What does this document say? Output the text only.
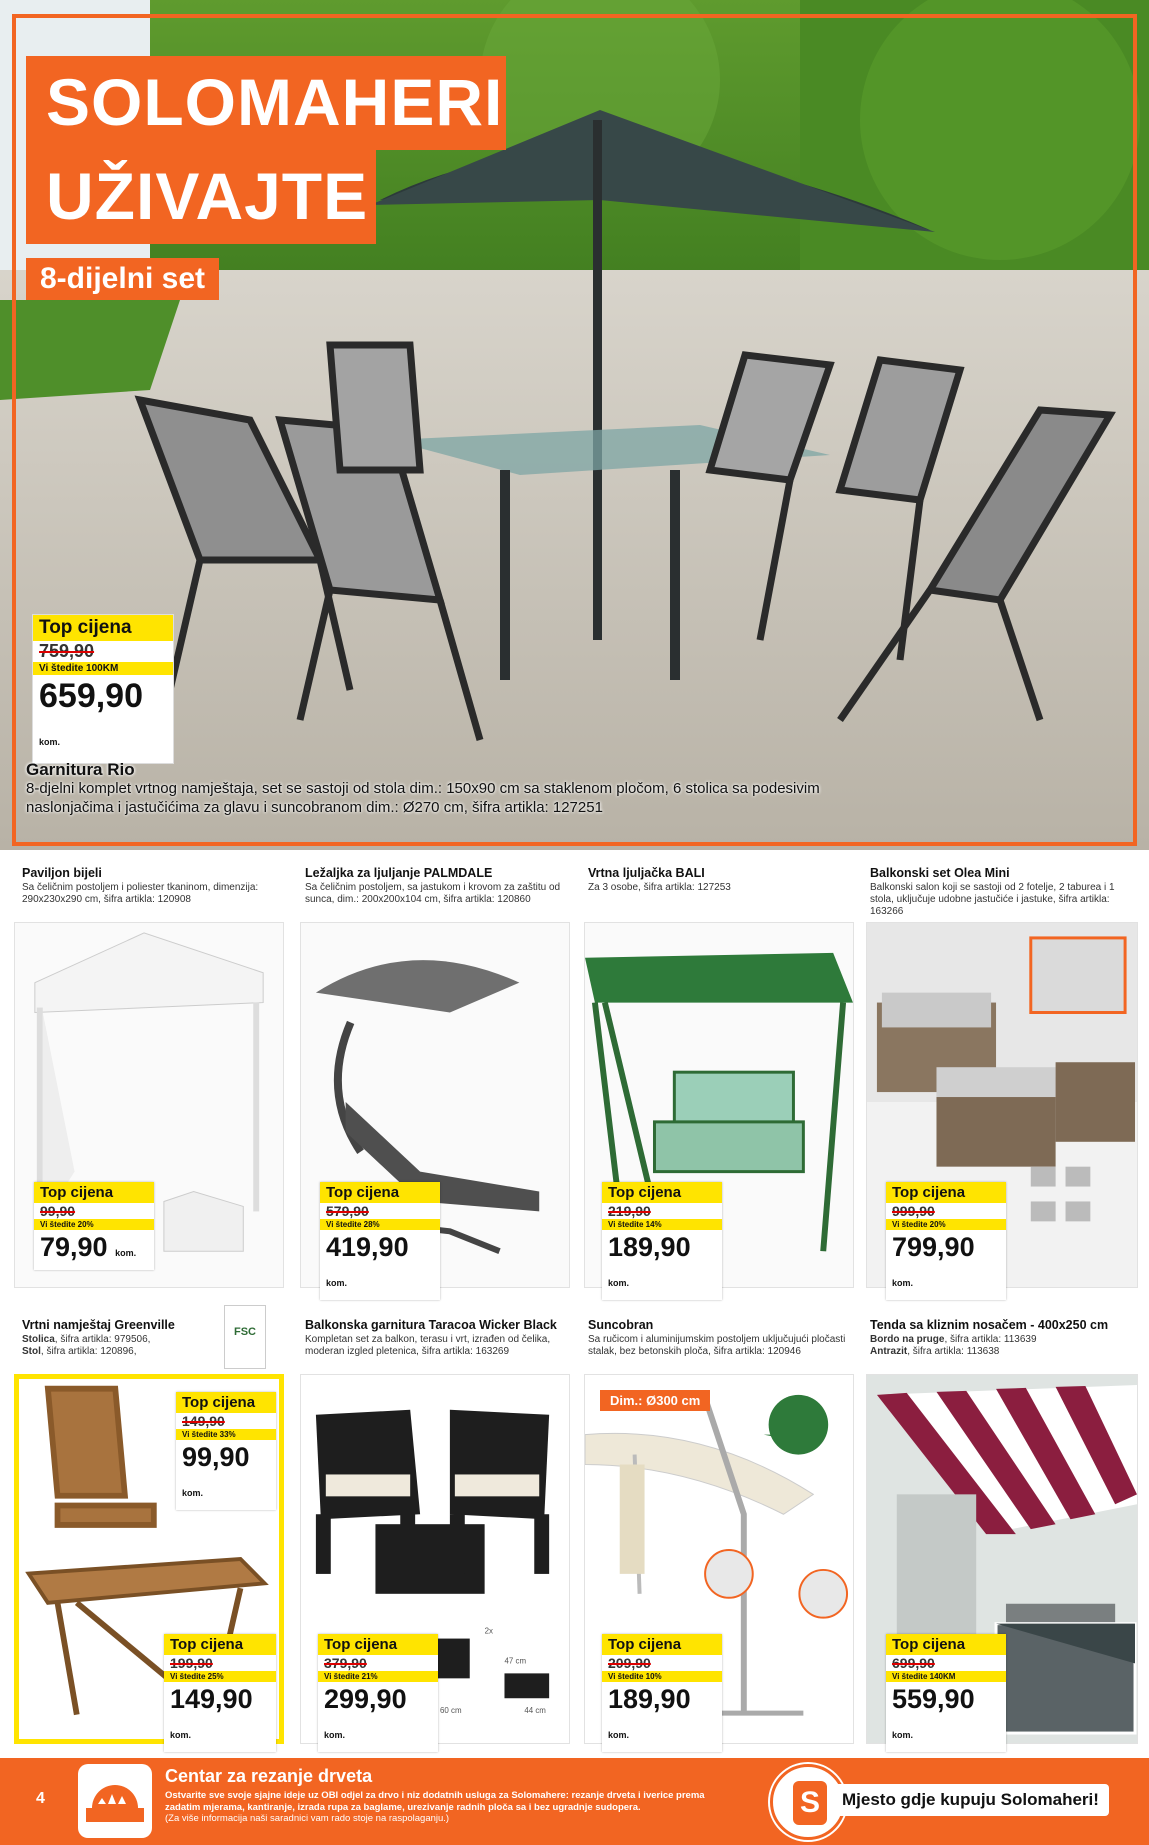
SOLOMAHERI
UŽIVAJTE
8-dijelni set
Top cijena
759,90
Vi štedite 100KM
659,90 kom.
Garnitura Rio
8-djelni komplet vrtnog namještaja, set se sastoji od stola dim.: 150x90 cm sa staklenom pločom, 6 stolica sa podesivim naslonjačima i jastučićima za glavu i suncobranom dim.: Ø270 cm, šifra artikla: 127251
Paviljon bijeli
Sa čeličnim postoljem i poliester tkaninom, dimenzija: 290x230x290 cm, šifra artikla: 120908
Top cijena
99,90
Vi štedite 20%
79,90 kom.
Ležaljka za ljuljanje PALMDALE
Sa čeličnim postoljem, sa jastukom i krovom za zaštitu od sunca, dim.: 200x200x104 cm, šifra artikla: 120860
Top cijena
579,90
Vi štedite 28%
419,90 kom.
Vrtna ljuljačka BALI
Za 3 osobe, šifra artikla: 127253
Top cijena
219,90
Vi štedite 14%
189,90 kom.
Balkonski set Olea Mini
Balkonski salon koji se sastoji od 2 fotelje, 2 taburea i 1 stola, uključuje udobne jastučiće i jastuke, šifra artikla: 163266
Top cijena
999,90
Vi štedite 20%
799,90 kom.
Vrtni namještaj Greenville
Stolica, šifra artikla: 979506,
Stol, šifra artikla: 120896,
FSC
Top cijena
149,90
Vi štedite 33%
99,90 kom.
Top cijena
199,90
Vi štedite 25%
149,90 kom.
Balkonska garnitura Taracoa Wicker Black
Kompletan set za balkon, terasu i vrt, izrađen od čelika, moderan izgled pletenica, šifra artikla: 163269
47 cm
60 cm	44 cm
2x
Top cijena
379,90
Vi štedite 21%
299,90 kom.
Suncobran
Sa ručicom i aluminijumskim postoljem uključujući pločasti stalak, bez betonskih ploča, šifra artikla: 120946
Dim.: Ø300 cm
Top cijena
209,90
Vi štedite 10%
189,90 kom.
Tenda sa kliznim nosačem - 400x250 cm
Bordo na pruge, šifra artikla: 113639
Antrazit, šifra artikla: 113638
Top cijena
699,90
Vi štedite 140KM
559,90 kom.
4
Centar za rezanje drveta
Ostvarite sve svoje sjajne ideje uz OBI odjel za drvo i niz dodatnih usluga za Solomahere: rezanje drveta i iverice prema zadatim mjerama, kantiranje, izrada rupa za baglame, urezivanje radnih ploča sa i bez ugradnje sudopera.
(Za više informacija naši saradnici vam rado stoje na raspolaganju.)	S	Mjesto gdje kupuju Solomaheri!
